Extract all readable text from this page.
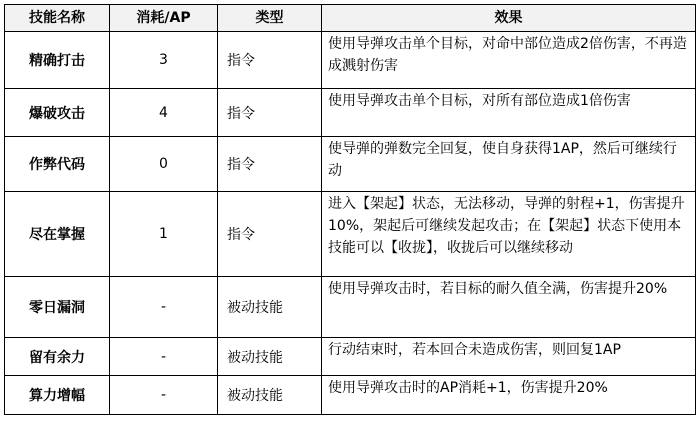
技能名称	消耗/AP	类型	效果
精确打击	3	指令	使用导弹攻击单个目标，对命中部位造成2倍伤害，不再造成溅射伤害
爆破攻击	4	指令	使用导弹攻击单个目标，对所有部位造成1倍伤害
作弊代码	0	指令	使导弹的弹数完全回复，使自身获得1AP，然后可继续行动
尽在掌握	1	指令	进入【架起】状态，无法移动，导弹的射程+1，伤害提升10%，架起后可继续发起攻击；在【架起】状态下使用本技能可以【收拢】，收拢后可以继续移动
零日漏洞	-	被动技能	使用导弹攻击时，若目标的耐久值全满，伤害提升20%
留有余力	-	被动技能	行动结束时，若本回合未造成伤害，则回复1AP
算力增幅	-	被动技能	使用导弹攻击时的AP消耗+1，伤害提升20%
